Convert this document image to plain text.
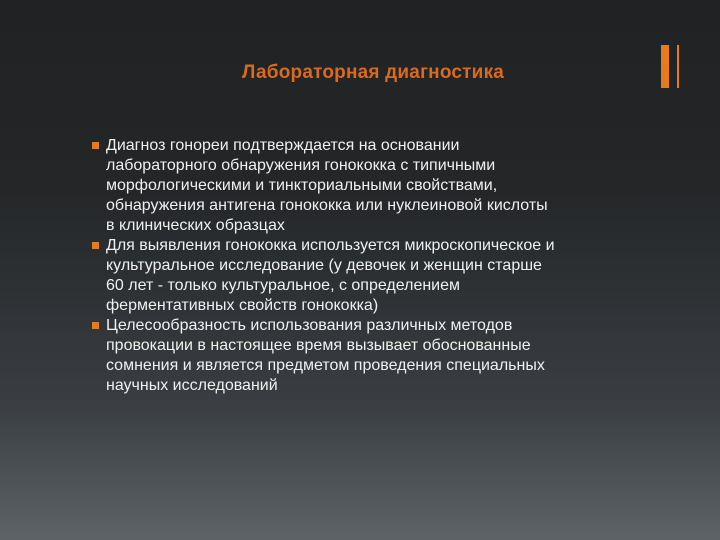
Лабораторная диагностика
Диагноз гонореи подтверждается на основании
лабораторного обнаружения гонококка с типичными
морфологическими и тинкториальными свойствами,
обнаружения антигена гонококка или нуклеиновой кислоты
в клинических образцах
Для выявления гонококка используется микроскопическое и
культуральное исследование (у девочек и женщин старше
60 лет - только культуральное, с определением
ферментативных свойств гонококка)
Целесообразность использования различных методов
провокации в настоящее время вызывает обоснованные
сомнения и является предметом проведения специальных
научных исследований
